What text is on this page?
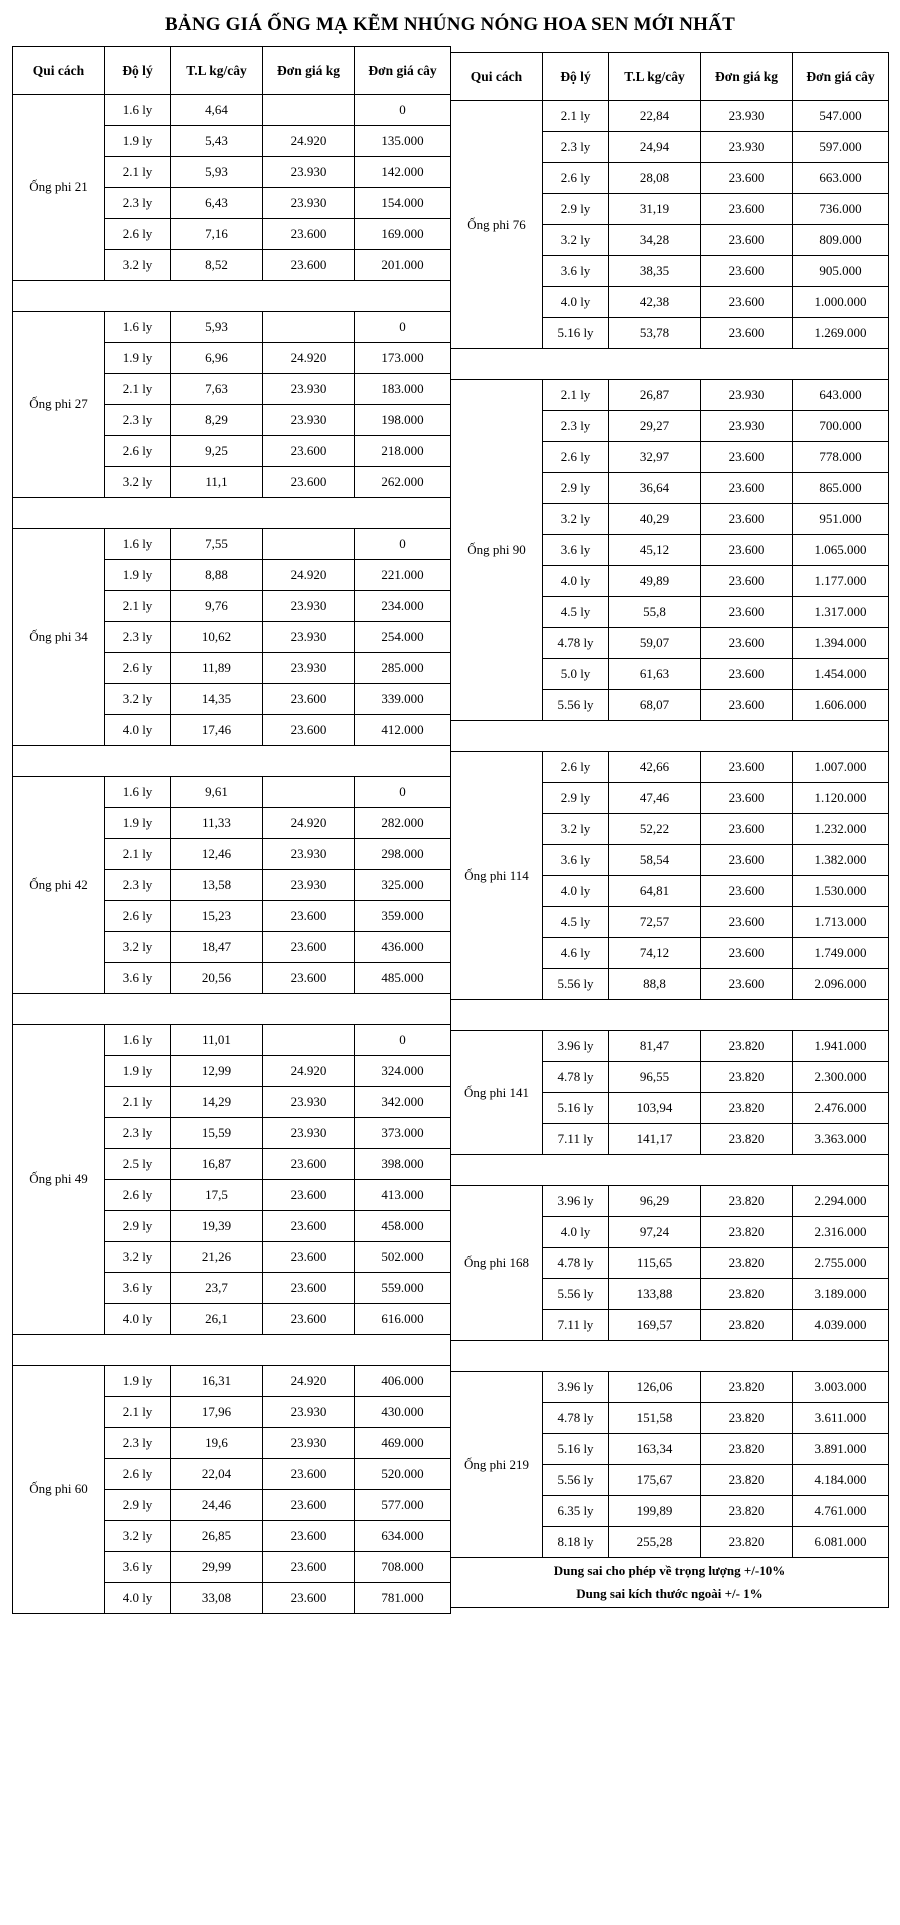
BẢNG GIÁ ỐNG MẠ KẼM NHÚNG NÓNG HOA SEN MỚI NHẤT
Qui cách	Độ lý	T.L kg/cây	Đơn giá kg	Đơn giá cây
Ống phi 21	1.6 ly	4,64		0
1.9 ly	5,43	24.920	135.000
2.1 ly	5,93	23.930	142.000
2.3 ly	6,43	23.930	154.000
2.6 ly	7,16	23.600	169.000
3.2 ly	8,52	23.600	201.000

Ống phi 27	1.6 ly	5,93		0
1.9 ly	6,96	24.920	173.000
2.1 ly	7,63	23.930	183.000
2.3 ly	8,29	23.930	198.000
2.6 ly	9,25	23.600	218.000
3.2 ly	11,1	23.600	262.000

Ống phi 34	1.6 ly	7,55		0
1.9 ly	8,88	24.920	221.000
2.1 ly	9,76	23.930	234.000
2.3 ly	10,62	23.930	254.000
2.6 ly	11,89	23.930	285.000
3.2 ly	14,35	23.600	339.000
4.0 ly	17,46	23.600	412.000

Ống phi 42	1.6 ly	9,61		0
1.9 ly	11,33	24.920	282.000
2.1 ly	12,46	23.930	298.000
2.3 ly	13,58	23.930	325.000
2.6 ly	15,23	23.600	359.000
3.2 ly	18,47	23.600	436.000
3.6 ly	20,56	23.600	485.000

Ống phi 49	1.6 ly	11,01		0
1.9 ly	12,99	24.920	324.000
2.1 ly	14,29	23.930	342.000
2.3 ly	15,59	23.930	373.000
2.5 ly	16,87	23.600	398.000
2.6 ly	17,5	23.600	413.000
2.9 ly	19,39	23.600	458.000
3.2 ly	21,26	23.600	502.000
3.6 ly	23,7	23.600	559.000
4.0 ly	26,1	23.600	616.000

Ống phi 60	1.9 ly	16,31	24.920	406.000
2.1 ly	17,96	23.930	430.000
2.3 ly	19,6	23.930	469.000
2.6 ly	22,04	23.600	520.000
2.9 ly	24,46	23.600	577.000
3.2 ly	26,85	23.600	634.000
3.6 ly	29,99	23.600	708.000
4.0 ly	33,08	23.600	781.000

Qui cách	Độ lý	T.L kg/cây	Đơn giá kg	Đơn giá cây
Ống phi 76	2.1 ly	22,84	23.930	547.000
2.3 ly	24,94	23.930	597.000
2.6 ly	28,08	23.600	663.000
2.9 ly	31,19	23.600	736.000
3.2 ly	34,28	23.600	809.000
3.6 ly	38,35	23.600	905.000
4.0 ly	42,38	23.600	1.000.000
5.16 ly	53,78	23.600	1.269.000

Ống phi 90	2.1 ly	26,87	23.930	643.000
2.3 ly	29,27	23.930	700.000
2.6 ly	32,97	23.600	778.000
2.9 ly	36,64	23.600	865.000
3.2 ly	40,29	23.600	951.000
3.6 ly	45,12	23.600	1.065.000
4.0 ly	49,89	23.600	1.177.000
4.5 ly	55,8	23.600	1.317.000
4.78 ly	59,07	23.600	1.394.000
5.0 ly	61,63	23.600	1.454.000
5.56 ly	68,07	23.600	1.606.000

Ống phi 114	2.6 ly	42,66	23.600	1.007.000
2.9 ly	47,46	23.600	1.120.000
3.2 ly	52,22	23.600	1.232.000
3.6 ly	58,54	23.600	1.382.000
4.0 ly	64,81	23.600	1.530.000
4.5 ly	72,57	23.600	1.713.000
4.6 ly	74,12	23.600	1.749.000
5.56 ly	88,8	23.600	2.096.000

Ống phi 141	3.96 ly	81,47	23.820	1.941.000
4.78 ly	96,55	23.820	2.300.000
5.16 ly	103,94	23.820	2.476.000
7.11 ly	141,17	23.820	3.363.000

Ống phi 168	3.96 ly	96,29	23.820	2.294.000
4.0 ly	97,24	23.820	2.316.000
4.78 ly	115,65	23.820	2.755.000
5.56 ly	133,88	23.820	3.189.000
7.11 ly	169,57	23.820	4.039.000

Ống phi 219	3.96 ly	126,06	23.820	3.003.000
4.78 ly	151,58	23.820	3.611.000
5.16 ly	163,34	23.820	3.891.000
5.56 ly	175,67	23.820	4.184.000
6.35 ly	199,89	23.820	4.761.000
8.18 ly	255,28	23.820	6.081.000

Dung sai cho phép về trọng lượng +/-10%
Dung sai kích thước ngoài +/- 1%
